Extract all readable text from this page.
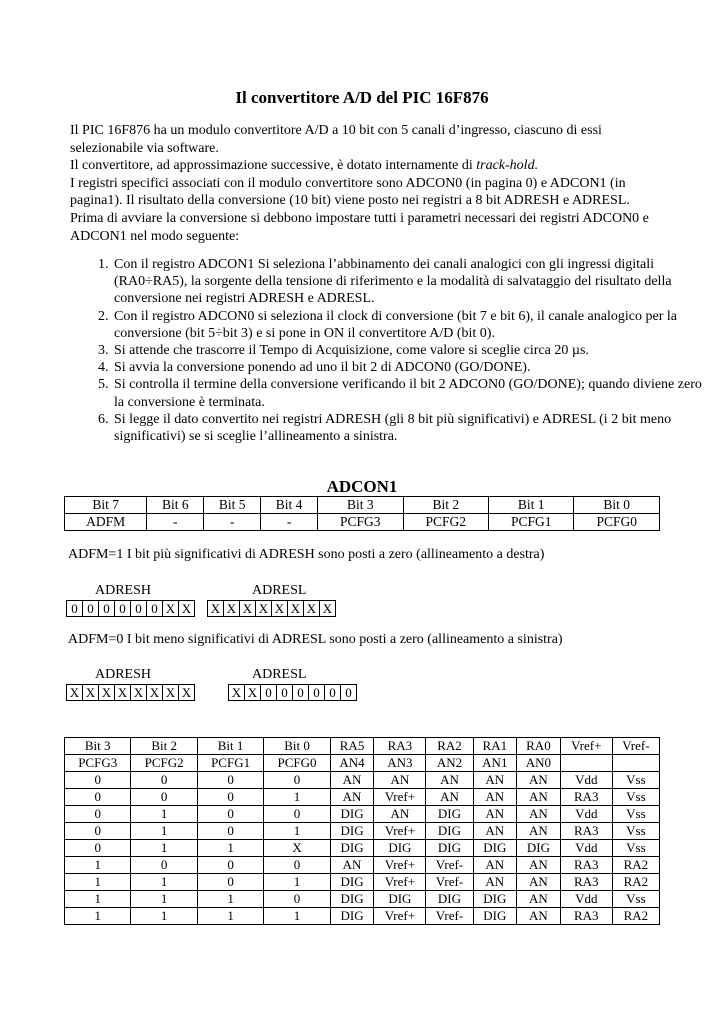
Il convertitore A/D del PIC 16F876

Il PIC 16F876 ha un modulo convertitore A/D a 10 bit con 5 canali d’ingresso, ciascuno di essi selezionabile via software.

Il convertitore, ad approssimazione successive, è dotato internamente di track-hold.

I registri specifici associati con il modulo convertitore sono ADCON0 (in pagina 0) e ADCON1 (in pagina1). Il risultato della conversione (10 bit) viene posto nei registri a 8 bit ADRESH e ADRESL.

Prima di avviare la conversione si debbono impostare tutti i parametri necessari dei registri ADCON0 e ADCON1 nel modo seguente:

1. Con il registro ADCON1 Si seleziona l’abbinamento dei canali analogici con gli ingressi digitali (RA0÷RA5), la sorgente della tensione di riferimento e la modalità di salvataggio del risultato della conversione nei registri ADRESH e ADRESL.
2. Con il registro ADCON0 si seleziona il clock di conversione (bit 7 e bit 6), il canale analogico per la conversione (bit 5÷bit 3) e si pone in ON il convertitore A/D (bit 0).
3. Si attende che trascorre il Tempo di Acquisizione, come valore si sceglie circa 20 µs.
4. Si avvia la conversione ponendo ad uno il bit 2 di ADCON0 (GO/DONE).
5. Si controlla il termine della conversione verificando il bit 2 ADCON0 (GO/DONE); quando diviene zero la conversione è terminata.
6. Si legge il dato convertito nei registri ADRESH (gli 8 bit più significativi) e ADRESL (i 2 bit meno significativi) se si sceglie l’allineamento a sinistra.
ADCON1
Bit 7	Bit 6	Bit 5	Bit 4	Bit 3	Bit 2	Bit 1	Bit 0
ADFM	-	-	-	PCFG3	PCFG2	PCFG1	PCFG0
ADFM=1 I bit più significativi di ADRESH sono posti a zero (allineamento a destra)
ADRESH	ADRESL
0	0	0	0	0	0	X	X X	X	X	X	X	X	X	X
ADFM=0 I bit meno significativi di ADRESL sono posti a zero (allineamento a sinistra)
ADRESH	ADRESL
X	X	X	X	X	X	X	X	X	X	0	0	0	0	0	0
Bit 3	Bit 2	Bit 1	Bit 0	RA5	RA3	RA2	RA1	RA0	Vref+	Vref-
PCFG3	PCFG2	PCFG1	PCFG0	AN4	AN3	AN2	AN1	AN0		
0	0	0	0	AN	AN	AN	AN	AN	Vdd	Vss
0	0	0	1	AN	Vref+	AN	AN	AN	RA3	Vss
0	1	0	0	DIG	AN	DIG	AN	AN	Vdd	Vss
0	1	0	1	DIG	Vref+	DIG	AN	AN	RA3	Vss
0	1	1	X	DIG	DIG	DIG	DIG	DIG	Vdd	Vss
1	0	0	0	AN	Vref+	Vref-	AN	AN	RA3	RA2
1	1	0	1	DIG	Vref+	Vref-	AN	AN	RA3	RA2
1	1	1	0	DIG	DIG	DIG	DIG	AN	Vdd	Vss
1	1	1	1	DIG	Vref+	Vref-	DIG	AN	RA3	RA2
